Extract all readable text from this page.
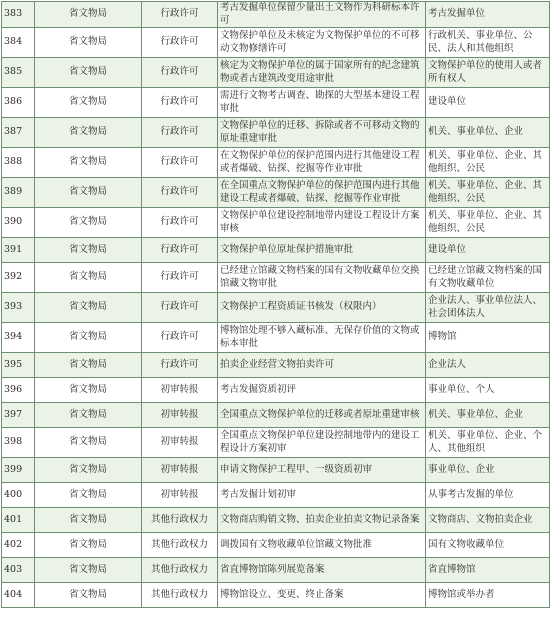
383	省文物局	行政许可	考古发掘单位保留少量出土文物作为科研标本许可	考古发掘单位
384	省文物局	行政许可	文物保护单位及未核定为文物保护单位的不可移动文物修缮许可	行政机关、事业单位、公民、法人和其他组织
385	省文物局	行政许可	核定为文物保护单位的属于国家所有的纪念建筑物或者古建筑改变用途审批	文物保护单位的使用人或者所有权人
386	省文物局	行政许可	需进行文物考古调查、勘探的大型基本建设工程审批	建设单位
387	省文物局	行政许可	文物保护单位的迁移、拆除或者不可移动文物的原址重建审批	机关、事业单位、企业
388	省文物局	行政许可	在文物保护单位的保护范围内进行其他建设工程或者爆破、钻探、挖掘等作业审批	机关、事业单位、企业、其他组织、公民
389	省文物局	行政许可	在全国重点文物保护单位的保护范围内进行其他建设工程或者爆破、钻探、挖掘等作业审批	机关、事业单位、企业、其他组织、公民
390	省文物局	行政许可	文物保护单位建设控制地带内建设工程设计方案审核	机关、事业单位、企业、其他组织、公民
391	省文物局	行政许可	文物保护单位原址保护措施审批	建设单位
392	省文物局	行政许可	已经建立馆藏文物档案的国有文物收藏单位交换馆藏文物审批	已经建立馆藏文物档案的国有文物收藏单位
393	省文物局	行政许可	文物保护工程资质证书核发（权限内）	企业法人、事业单位法人、社会团体法人
394	省文物局	行政许可	博物馆处理不够入藏标准、无保存价值的文物或标本审批	博物馆
395	省文物局	行政许可	拍卖企业经营文物拍卖许可	企业法人
396	省文物局	初审转报	考古发掘资质初评	事业单位、个人
397	省文物局	初审转报	全国重点文物保护单位的迁移或者原址重建审核	机关、事业单位、企业
398	省文物局	初审转报	全国重点文物保护单位建设控制地带内的建设工程设计方案初审	机关、事业单位、企业、个人、其他组织
399	省文物局	初审转报	申请文物保护工程甲、一级资质初审	事业单位、企业
400	省文物局	初审转报	考古发掘计划初审	从事考古发掘的单位
401	省文物局	其他行政权力	文物商店购销文物、拍卖企业拍卖文物记录备案	文物商店、文物拍卖企业
402	省文物局	其他行政权力	调拨国有文物收藏单位馆藏文物批准	国有文物收藏单位
403	省文物局	其他行政权力	省直博物馆陈列展览备案	省直博物馆
404	省文物局	其他行政权力	博物馆设立、变更、终止备案	博物馆或举办者
